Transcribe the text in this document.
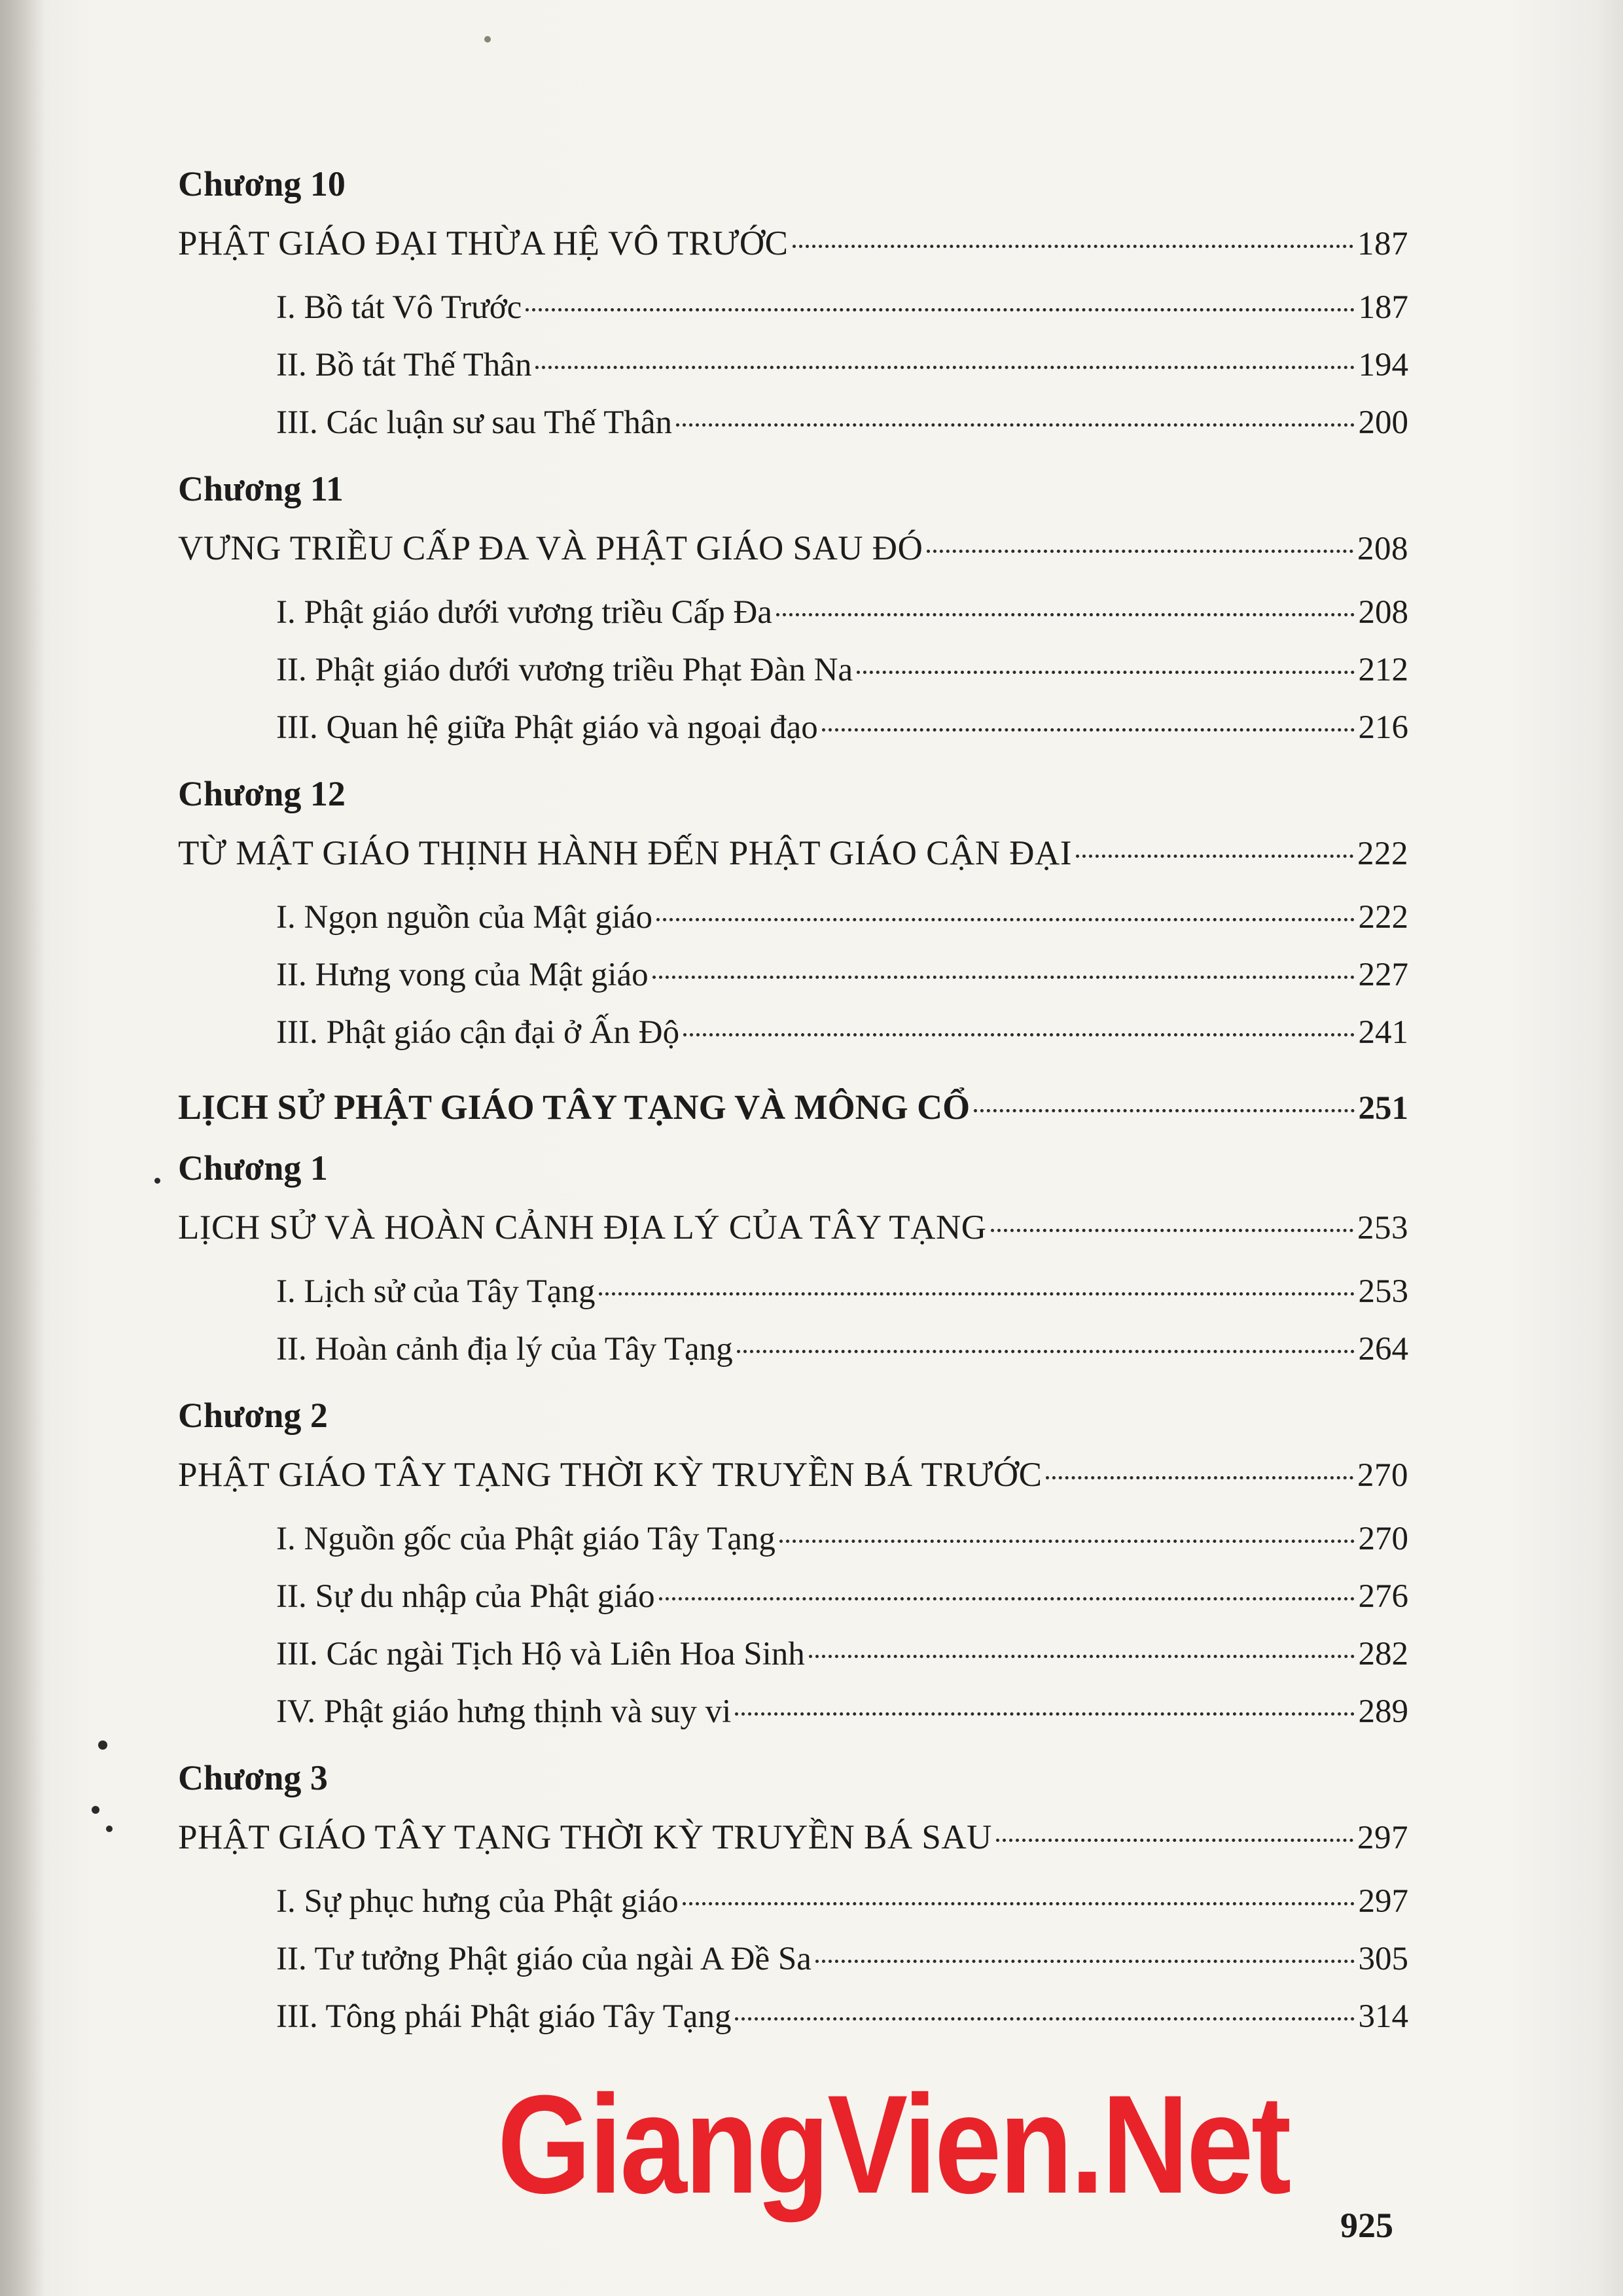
Chương 10
PHẬT GIÁO ĐẠI THỪA HỆ VÔ TRƯỚC	187
I. Bồ tát Vô Trước	187
II. Bồ tát Thế Thân	194
III. Các luận sư sau Thế Thân	200
Chương 11
VƯNG TRIỀU CẤP ĐA VÀ PHẬT GIÁO SAU ĐÓ	208
I. Phật giáo dưới vương triều Cấp Đa	208
II. Phật giáo dưới vương triều Phạt Đàn Na	212
III. Quan hệ giữa Phật giáo và ngoại đạo	216
Chương 12
TỪ MẬT GIÁO THỊNH HÀNH ĐẾN PHẬT GIÁO CẬN ĐẠI	222
I. Ngọn nguồn của Mật giáo	222
II. Hưng vong của Mật giáo	227
III. Phật giáo cận đại ở Ấn Độ	241
LỊCH SỬ PHẬT GIÁO TÂY TẠNG VÀ MÔNG CỔ	251
Chương 1
LỊCH SỬ VÀ HOÀN CẢNH ĐỊA LÝ CỦA TÂY TẠNG	253
I. Lịch sử của Tây Tạng	253
II. Hoàn cảnh địa lý của Tây Tạng	264
Chương 2
PHẬT GIÁO TÂY TẠNG THỜI KỲ TRUYỀN BÁ TRƯỚC	270
I. Nguồn gốc của Phật giáo Tây Tạng	270
II. Sự du nhập của Phật giáo	276
III. Các ngài Tịch Hộ và Liên Hoa Sinh	282
IV. Phật giáo hưng thịnh và suy vi	289
Chương 3
PHẬT GIÁO TÂY TẠNG THỜI KỲ TRUYỀN BÁ SAU	297
I. Sự phục hưng của Phật giáo	297
II. Tư tưởng Phật giáo của ngài A Đề Sa	305
III. Tông phái Phật giáo Tây Tạng	314
GiangVien.Net
925
